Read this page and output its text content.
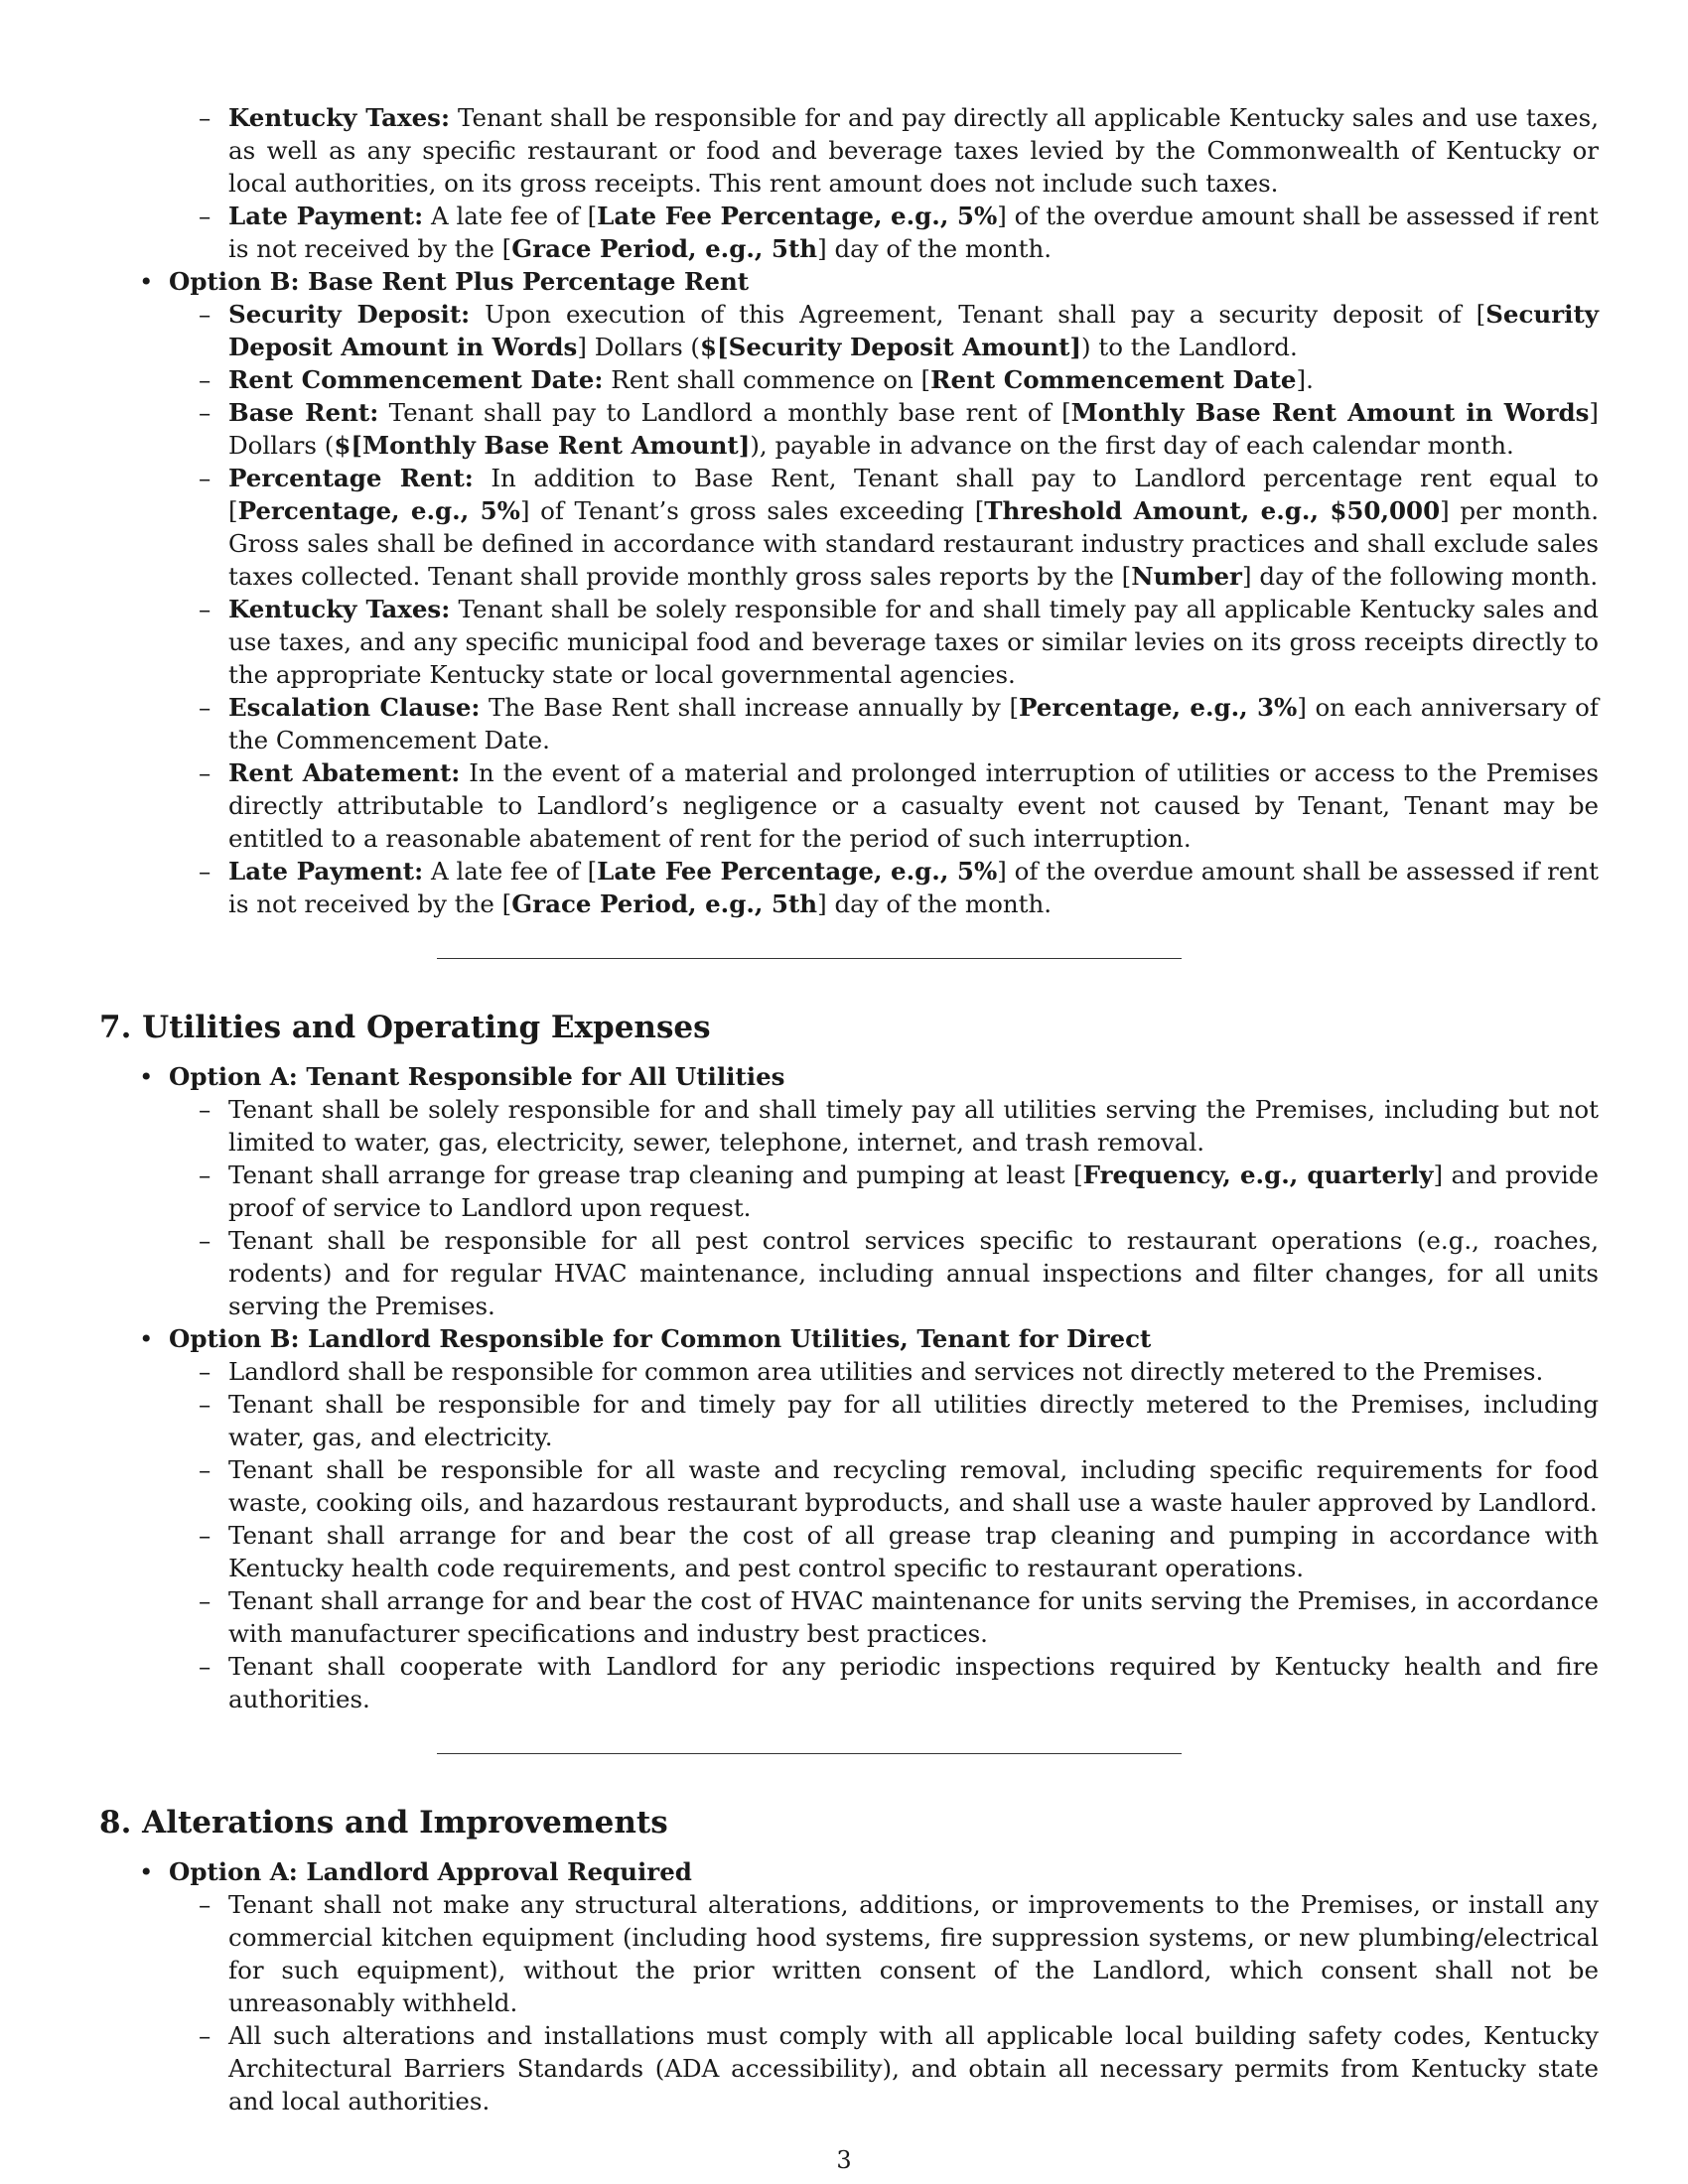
– Kentucky Taxes: Tenant shall be responsible for and pay directly all applicable Kentucky sales and use taxes, as well as any specific restaurant or food and beverage taxes levied by the Commonwealth of Kentucky or local authorities, on its gross receipts. This rent amount does not include such taxes.
– Late Payment: A late fee of [Late Fee Percentage, e.g., 5%] of the overdue amount shall be assessed if rent is not received by the [Grace Period, e.g., 5th] day of the month.
• Option B: Base Rent Plus Percentage Rent
– Security Deposit: Upon execution of this Agreement, Tenant shall pay a security deposit of [Security Deposit Amount in Words] Dollars ($[Security Deposit Amount]) to the Landlord.
– Rent Commencement Date: Rent shall commence on [Rent Commencement Date].
– Base Rent: Tenant shall pay to Landlord a monthly base rent of [Monthly Base Rent Amount in Words] Dollars ($[Monthly Base Rent Amount]), payable in advance on the first day of each calendar month.
– Percentage Rent: In addition to Base Rent, Tenant shall pay to Landlord percentage rent equal to [Percentage, e.g., 5%] of Tenant’s gross sales exceeding [Threshold Amount, e.g., $50,000] per month. Gross sales shall be defined in accordance with standard restaurant industry practices and shall exclude sales taxes collected. Tenant shall provide monthly gross sales reports by the [Number] day of the following month.
– Kentucky Taxes: Tenant shall be solely responsible for and shall timely pay all applicable Kentucky sales and use taxes, and any specific municipal food and beverage taxes or similar levies on its gross receipts directly to the appropriate Kentucky state or local governmental agencies.
– Escalation Clause: The Base Rent shall increase annually by [Percentage, e.g., 3%] on each anniversary of the Commencement Date.
– Rent Abatement: In the event of a material and prolonged interruption of utilities or access to the Premises directly attributable to Landlord’s negligence or a casualty event not caused by Tenant, Tenant may be entitled to a reasonable abatement of rent for the period of such interruption.
– Late Payment: A late fee of [Late Fee Percentage, e.g., 5%] of the overdue amount shall be assessed if rent is not received by the [Grace Period, e.g., 5th] day of the month.
7. Utilities and Operating Expenses
• Option A: Tenant Responsible for All Utilities
– Tenant shall be solely responsible for and shall timely pay all utilities serving the Premises, including but not limited to water, gas, electricity, sewer, telephone, internet, and trash removal.
– Tenant shall arrange for grease trap cleaning and pumping at least [Frequency, e.g., quarterly] and provide proof of service to Landlord upon request.
– Tenant shall be responsible for all pest control services specific to restaurant operations (e.g., roaches, rodents) and for regular HVAC maintenance, including annual inspections and filter changes, for all units serving the Premises.
• Option B: Landlord Responsible for Common Utilities, Tenant for Direct
– Landlord shall be responsible for common area utilities and services not directly metered to the Premises.
– Tenant shall be responsible for and timely pay for all utilities directly metered to the Premises, including water, gas, and electricity.
– Tenant shall be responsible for all waste and recycling removal, including specific requirements for food waste, cooking oils, and hazardous restaurant byproducts, and shall use a waste hauler approved by Landlord.
– Tenant shall arrange for and bear the cost of all grease trap cleaning and pumping in accordance with Kentucky health code requirements, and pest control specific to restaurant operations.
– Tenant shall arrange for and bear the cost of HVAC maintenance for units serving the Premises, in accordance with manufacturer specifications and industry best practices.
– Tenant shall cooperate with Landlord for any periodic inspections required by Kentucky health and fire authorities.
8. Alterations and Improvements
• Option A: Landlord Approval Required
– Tenant shall not make any structural alterations, additions, or improvements to the Premises, or install any commercial kitchen equipment (including hood systems, fire suppression systems, or new plumbing/electrical for such equipment), without the prior written consent of the Landlord, which consent shall not be unreasonably withheld.
– All such alterations and installations must comply with all applicable local building safety codes, Kentucky Architectural Barriers Standards (ADA accessibility), and obtain all necessary permits from Kentucky state and local authorities.
3
